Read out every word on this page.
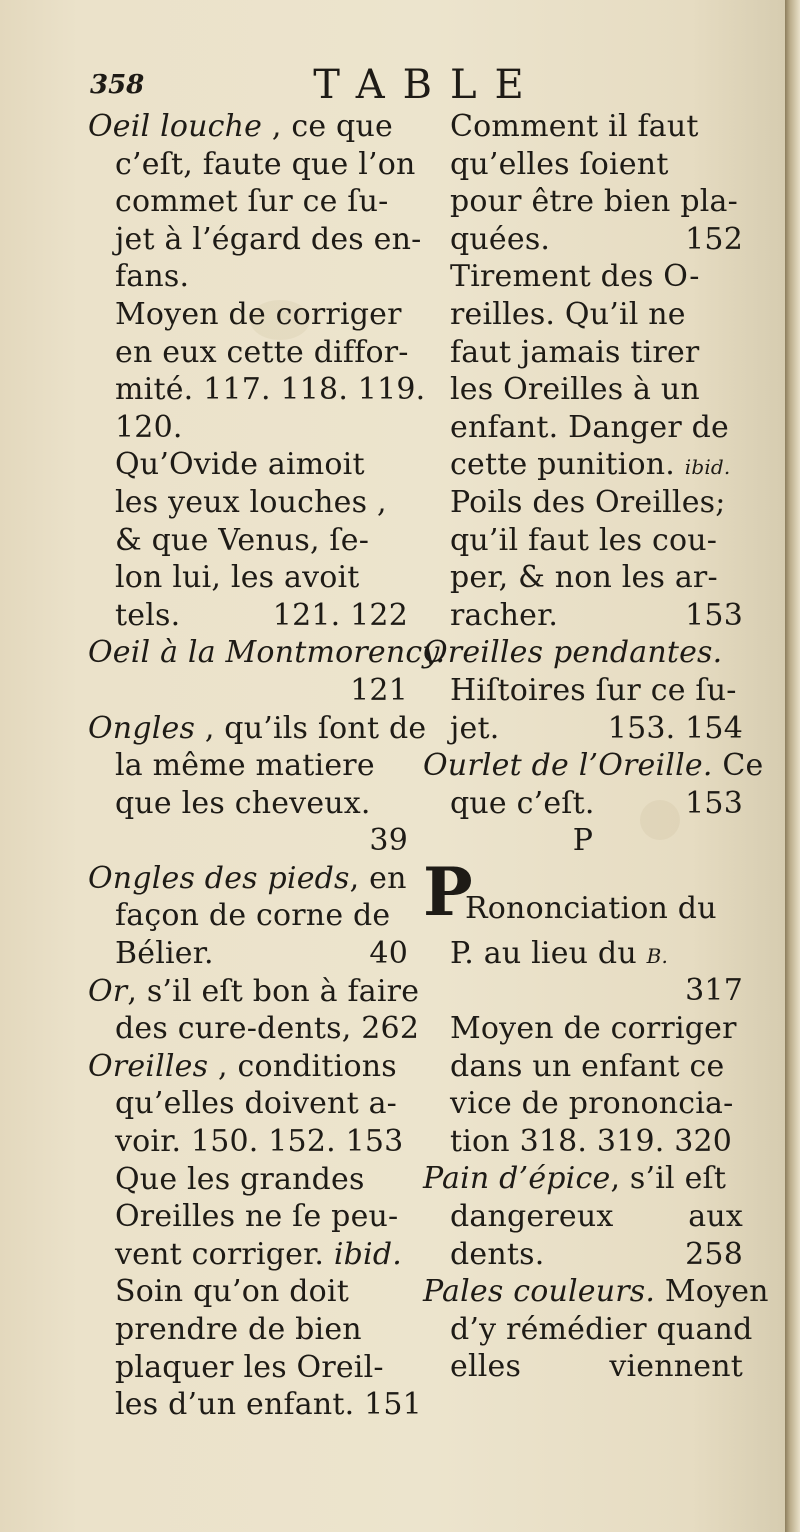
358	TABLE
Oeil louche , ce que
c’eſt, faute que l’on
commet ſur ce ſu-
jet à l’égard des en-
fans.
Moyen de corriger
en eux cette diffor-
mité. 117. 118. 119.
120.
Qu’Ovide aimoit
les yeux louches ,
& que Venus, ſe-
lon lui, les avoit
tels.	121. 122
Oeil à la Montmorency.
121
Ongles , qu’ils ſont de
la même matiere
que les cheveux.
39
Ongles des pieds, en
façon de corne de
Bélier.	40
Or, s’il eſt bon à faire
des cure-dents, 262
Oreilles , conditions
qu’elles doivent a-
voir. 150. 152. 153
Que les grandes
Oreilles ne ſe peu-
vent corriger. ibid.
Soin qu’on doit
prendre de bien
plaquer les Oreil-
les d’un enfant. 151
Comment il faut
qu’elles ſoient
pour être bien pla-
quées.	152
Tirement des O-
reilles. Qu’il ne
faut jamais tirer
les Oreilles à un
enfant. Danger de
cette punition. ibid.
Poils des Oreilles;
qu’il faut les cou-
per, & non les ar-
racher.	153
Oreilles pendantes.
Hiſtoires ſur ce ſu-
jet.	153. 154
Ourlet de l’Oreille. Ce
que c’eſt.	153
P
P
Rononciation du
P. au lieu du B.
317
Moyen de corriger
dans un enfant ce
vice de prononcia-
tion 318. 319. 320
Pain d’épice, s’il eſt
dangereux aux
dents.	258
Pales couleurs. Moyen
d’y rémédier quand
elles	viennent
